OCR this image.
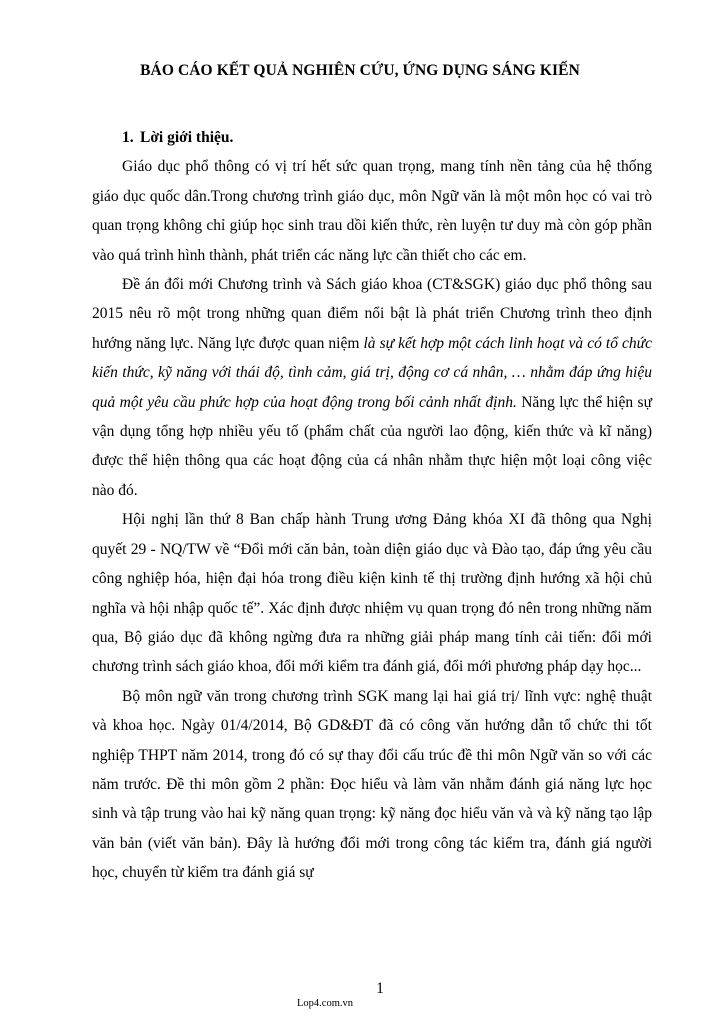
BÁO CÁO KẾT QUẢ NGHIÊN CỨU, ỨNG DỤNG SÁNG KIẾN
1. Lời giới thiệu.

Giáo dục phổ thông có vị trí hết sức quan trọng, mang tính nền tảng của hệ thống giáo dục quốc dân.Trong chương trình giáo dục, môn Ngữ văn là một môn học có vai trò quan trọng không chỉ giúp học sinh trau dồi kiến thức, rèn luyện tư duy mà còn góp phần vào quá trình hình thành, phát triển các năng lực cần thiết cho các em.

Đề án đổi mới Chương trình và Sách giáo khoa (CT&SGK) giáo dục phổ thông sau 2015 nêu rõ một trong những quan điểm nổi bật là phát triển Chương trình theo định hướng năng lực. Năng lực được quan niệm là sự kết hợp một cách linh hoạt và có tổ chức kiến thức, kỹ năng với thái độ, tình cảm, giá trị, động cơ cá nhân, … nhằm đáp ứng hiệu quả một yêu cầu phức hợp của hoạt động trong bối cảnh nhất định. Năng lực thể hiện sự vận dụng tổng hợp nhiều yếu tố (phẩm chất của người lao động, kiến thức và kĩ năng) được thể hiện thông qua các hoạt động của cá nhân nhằm thực hiện một loại công việc nào đó.

Hội nghị lần thứ 8 Ban chấp hành Trung ương Đảng khóa XI đã thông qua Nghị quyết 29 - NQ/TW về “Đổi mới căn bản, toàn diện giáo dục và Đào tạo, đáp ứng yêu cầu công nghiệp hóa, hiện đại hóa trong điều kiện kinh tế thị trường định hướng xã hội chủ nghĩa và hội nhập quốc tế”. Xác định được nhiệm vụ quan trọng đó nên trong những năm qua, Bộ giáo dục đã không ngừng đưa ra những giải pháp mang tính cải tiến: đổi mới chương trình sách giáo khoa, đổi mới kiểm tra đánh giá, đổi mới phương pháp dạy học...

Bộ môn ngữ văn trong chương trình SGK mang lại hai giá trị/ lĩnh vực: nghệ thuật và khoa học. Ngày 01/4/2014, Bộ GD&ĐT đã có công văn hướng dẫn tổ chức thi tốt nghiệp THPT năm 2014, trong đó có sự thay đổi cấu trúc đề thi môn Ngữ văn so với các năm trước. Đề thi môn gồm 2 phần: Đọc hiểu và làm văn nhằm đánh giá năng lực học sinh và tập trung vào hai kỹ năng quan trọng: kỹ năng đọc hiểu văn và và kỹ năng tạo lập văn bản (viết văn bản). Đây là hướng đổi mới trong công tác kiểm tra, đánh giá người học, chuyển từ kiểm tra đánh giá sự

1
Lop4.com.vn
